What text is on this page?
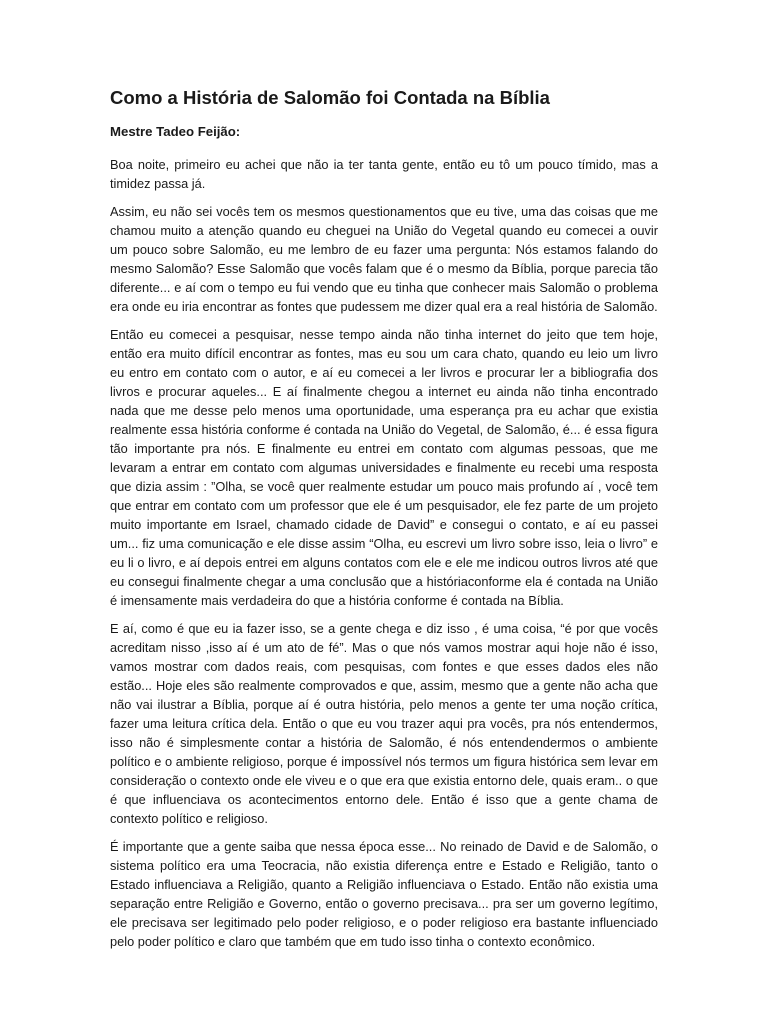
Como a História de Salomão foi Contada na Bíblia
Mestre Tadeo Feijão:

Boa noite, primeiro eu achei que não ia ter tanta gente, então eu tô um pouco tímido, mas a timidez passa já.

Assim, eu não sei vocês tem os mesmos questionamentos que eu tive, uma das coisas que me chamou muito a atenção quando eu cheguei na União do Vegetal quando eu comecei a ouvir um pouco sobre Salomão, eu me lembro de eu fazer uma pergunta: Nós estamos falando do mesmo Salomão? Esse Salomão que vocês falam que é o mesmo da Bíblia, porque parecia tão diferente... e aí com o tempo eu fui vendo que eu tinha que conhecer mais Salomão o problema era onde eu iria encontrar as fontes que pudessem me dizer qual era a real história de Salomão.

Então eu comecei a pesquisar, nesse tempo ainda não tinha internet do jeito que tem hoje, então era muito difícil encontrar as fontes, mas eu sou um cara chato, quando eu leio um livro eu entro em contato com o autor, e aí eu comecei a ler livros e procurar ler a bibliografia dos livros e procurar aqueles... E aí finalmente chegou a internet eu ainda não tinha encontrado nada que me desse pelo menos uma oportunidade, uma esperança pra eu achar que existia realmente essa história conforme é contada na União do Vegetal, de Salomão, é... é essa figura tão importante pra nós. E finalmente eu entrei em contato com algumas pessoas, que me levaram a entrar em contato com algumas universidades e finalmente eu recebi uma resposta que dizia assim : ”Olha, se você quer realmente estudar um pouco mais profundo aí , você tem que entrar em contato com um professor que ele é um pesquisador, ele fez parte de um projeto muito importante em Israel, chamado cidade de David” e consegui o contato, e aí eu passei um... fiz uma comunicação e ele disse assim “Olha, eu escrevi um livro sobre isso, leia o livro” e eu li o livro, e aí depois entrei em alguns contatos com ele e ele me indicou outros livros até que eu consegui finalmente chegar a uma conclusão que a históriaconforme ela é contada na União é imensamente mais verdadeira do que a história conforme é contada na Bíblia.

E aí, como é que eu ia fazer isso, se a gente chega e diz isso , é uma coisa, “é por que vocês acreditam nisso ,isso aí é um ato de fé”. Mas o que nós vamos mostrar aqui hoje não é isso, vamos mostrar com dados reais, com pesquisas, com fontes e que esses dados eles não estão... Hoje eles são realmente comprovados e que, assim, mesmo que a gente não acha que não vai ilustrar a Bíblia, porque aí é outra história, pelo menos a gente ter uma noção crítica, fazer uma leitura crítica dela. Então o que eu vou trazer aqui pra vocês, pra nós entendermos, isso não é simplesmente contar a história de Salomão, é nós entendendermos o ambiente político e o ambiente religioso, porque é impossível nós termos um figura histórica sem levar em consideração o contexto onde ele viveu e o que era que existia entorno dele, quais eram.. o que é que influenciava os acontecimentos entorno dele. Então é isso que a gente chama de contexto político e religioso.

É importante que a gente saiba que nessa época esse... No reinado de David e de Salomão, o sistema político era uma Teocracia, não existia diferença entre e Estado e Religião, tanto o Estado influenciava a Religião, quanto a Religião influenciava o Estado. Então não existia uma separação entre Religião e Governo, então o governo precisava... pra ser um governo legítimo, ele precisava ser legitimado pelo poder religioso, e o poder religioso era bastante influenciado pelo poder político e claro que também que em tudo isso tinha o contexto econômico.
